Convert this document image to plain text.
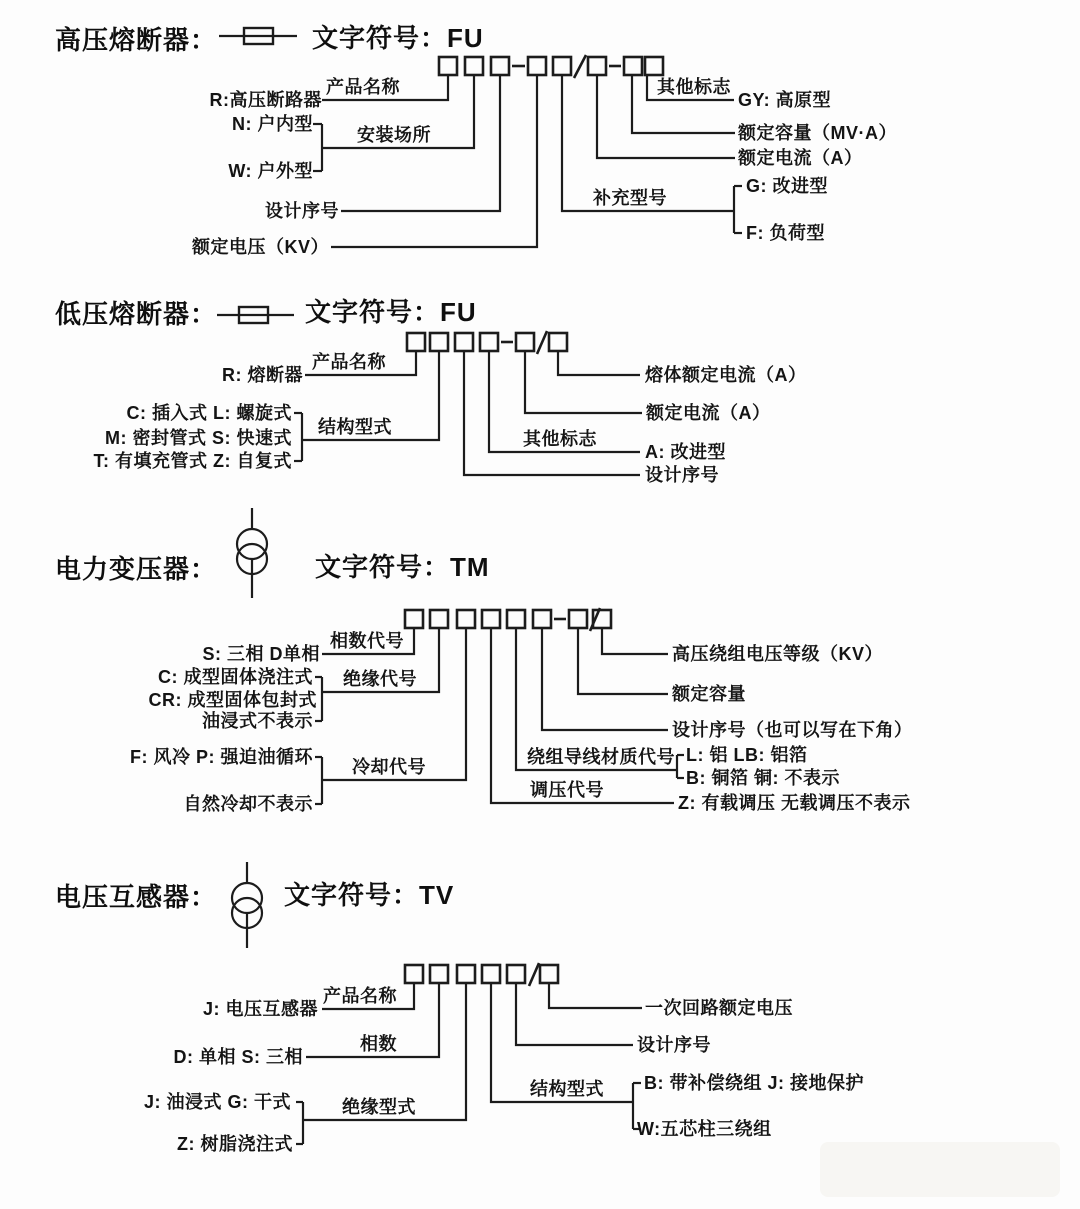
高压熔断器：	文字符号：FU
产品名称
R:高压断路器
N: 户内型
W: 户外型
安装场所
设计序号
额定电压（KV）
其他标志
GY: 高原型
额定容量（MV·A）
额定电流（A）
G: 改进型
F: 负荷型
补充型号
低压熔断器：	文字符号：FU
R: 熔断器
产品名称
C: 插入式 L: 螺旋式
M: 密封管式 S: 快速式
T: 有填充管式 Z: 自复式
结构型式
其他标志
熔体额定电流（A）
额定电流（A）
A: 改进型
设计序号
电力变压器：	文字符号：TM
S: 三相 D单相
相数代号
C: 成型固体浇注式
CR: 成型固体包封式
油浸式不表示
绝缘代号
F: 风冷 P: 强迫油循环
自然冷却不表示
冷却代号	绕组导线材质代号 L: 铝 LB: 铝箔
B: 铜箔 铜: 不表示
调压代号
Z: 有载调压 无载调压不表示
设计序号（也可以写在下角）
额定容量
高压绕组电压等级（KV）
电压互感器：	文字符号：TV
J: 电压互感器
产品名称
D: 单相 S: 三相
相数
J: 油浸式 G: 干式
Z: 树脂浇注式
绝缘型式
结构型式 B: 带补偿绕组 J: 接地保护
W:五芯柱三绕组
设计序号
一次回路额定电压
